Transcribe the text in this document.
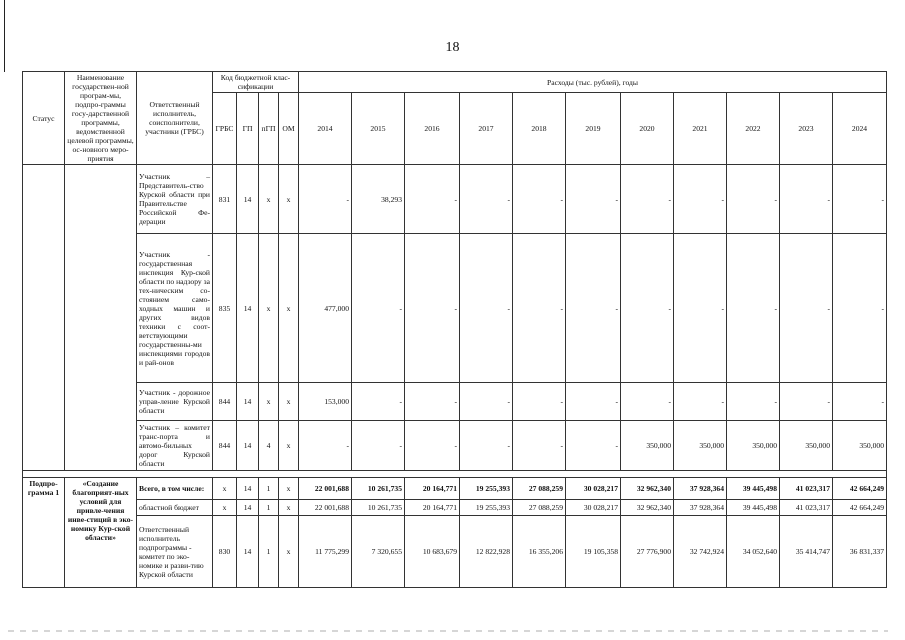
18
Статус	Наименование государствен-ной програм-мы, подпро-граммы госу-дарственной программы, ведомственной целевой программы, ос-новного меро-приятия	Ответственный исполнитель, соисполнители, участники (ГРБС)	Код бюджетной клас-сификации				Расходы (тыс. рублей), годы										
			ГРБС	ГП	пГП	ОМ	2014	2015	2016	2017	2018	2019	2020	2021	2022	2023	2024
		Участник – Представитель-ство Курской области при Правительстве Российской Фе-дерации	831	14	х	х	-	38,293	-	-	-	-	-	-	-	-	-
		Участник - государственная инспекция Кур-ской области по надзору за тех-ническим со-стоянием само-ходных машин и других видов техники с соот-ветствующими государственны-ми инспекциями городов и рай-онов	835	14	х	х	477,000	-	-	-	-	-	-	-	-	-	-
		Участник - дорожное управ-ление Курской области	844	14	х	х	153,000	-	-	-	-	-	-	-	-	-	-
		Участник – комитет транс-порта и автомо-бильных дорог Курской области	844	14	4	х	-	-	-	-	-	-	350,000	350,000	350,000	350,000	350,000

Подпро-грамма 1	«Создание благоприят-ных условий для привле-чения инве-стиций в эко-номику Кур-ской области»	Всего, в том числе:	х	14	1	х	22 001,688	10 261,735	20 164,771	19 255,393	27 088,259	30 028,217	32 962,340	37 928,364	39 445,498	41 023,317	42 664,249
		областной бюджет	х	14	1	х	22 001,688	10 261,735	20 164,771	19 255,393	27 088,259	30 028,217	32 962,340	37 928,364	39 445,498	41 023,317	42 664,249
		Ответственный исполнитель подпрограммы - комитет по эко-номике и разви-тию Курской области	830	14	1	х	11 775,299	7 320,655	10 683,679	12 822,928	16 355,206	19 105,358	27 776,900	32 742,924	34 052,640	35 414,747	36 831,337
